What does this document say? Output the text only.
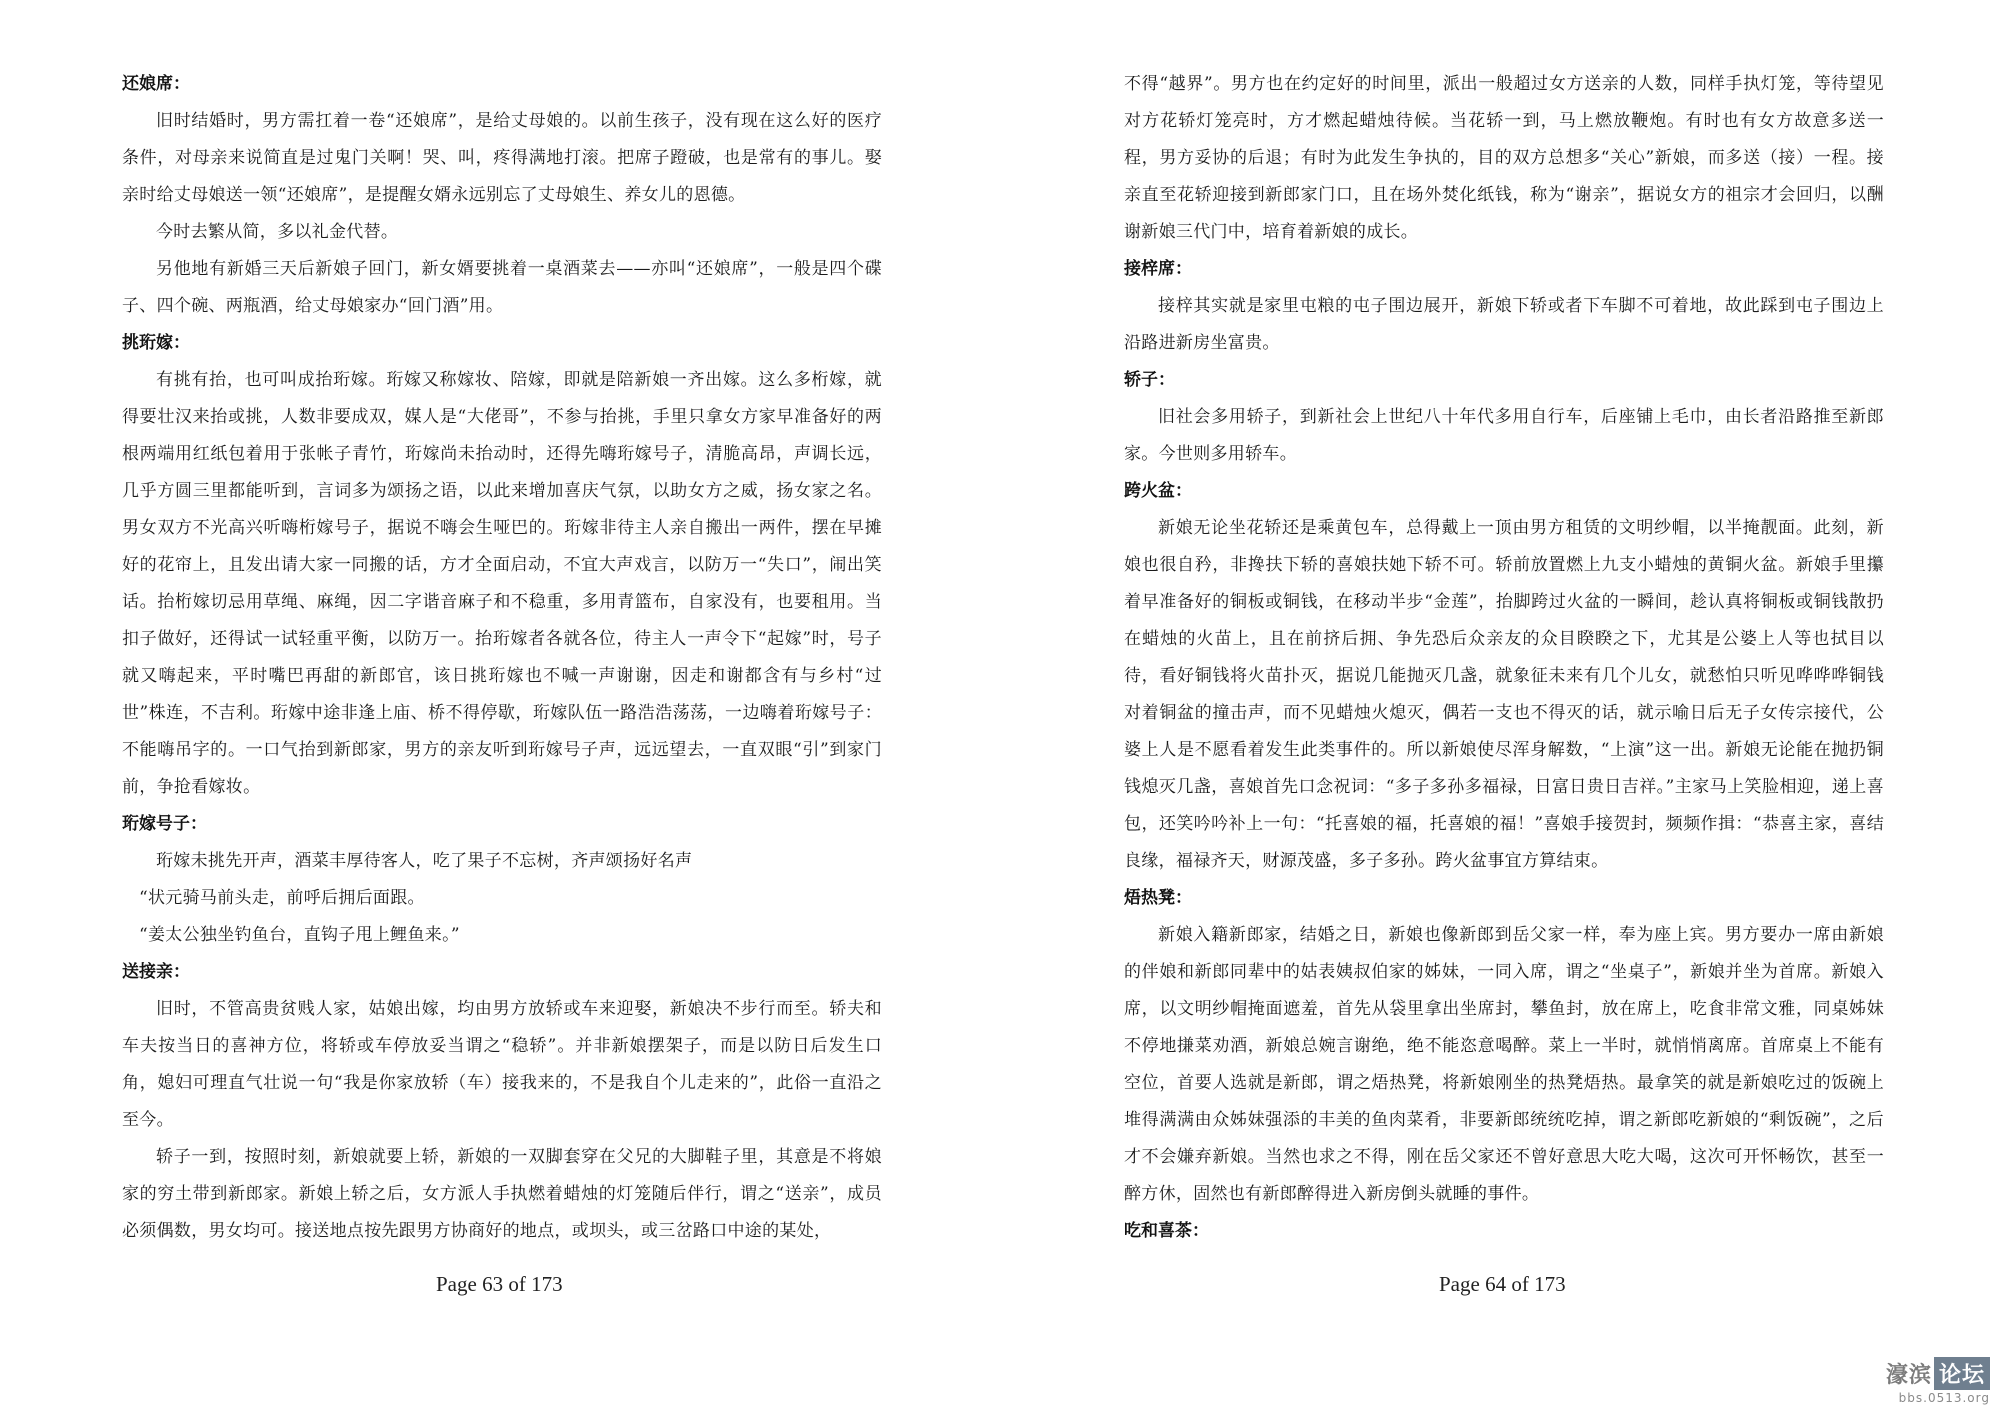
还娘席：

旧时结婚时，男方需扛着一卷“还娘席”，是给丈母娘的。以前生孩子，没有现在这么好的医疗条件，对母亲来说简直是过鬼门关啊！哭、叫，疼得满地打滚。把席子蹬破，也是常有的事儿。娶亲时给丈母娘送一领“还娘席”，是提醒女婿永远别忘了丈母娘生、养女儿的恩德。

今时去繁从简，多以礼金代替。

另他地有新婚三天后新娘子回门，新女婿要挑着一桌酒菜去——亦叫“还娘席”，一般是四个碟子、四个碗、两瓶酒，给丈母娘家办“回门酒”用。

挑珩嫁：

有挑有抬，也可叫成抬珩嫁。珩嫁又称嫁妆、陪嫁，即就是陪新娘一齐出嫁。这么多桁嫁，就得要壮汉来抬或挑，人数非要成双，媒人是“大佬哥”，不参与抬挑，手里只拿女方家早准备好的两根两端用红纸包着用于张帐子青竹，珩嫁尚未抬动时，还得先嗨珩嫁号子，清脆高昂，声调长远，几乎方圆三里都能听到，言词多为颂扬之语，以此来增加喜庆气氛，以助女方之威，扬女家之名。男女双方不光高兴听嗨桁嫁号子，据说不嗨会生哑巴的。珩嫁非待主人亲自搬出一两件，摆在早摊好的花帘上，且发出请大家一同搬的话，方才全面启动，不宜大声戏言，以防万一“失口”，闹出笑话。抬桁嫁切忌用草绳、麻绳，因二字谐音麻子和不稳重，多用青篮布，自家没有，也要租用。当扣子做好，还得试一试轻重平衡，以防万一。抬珩嫁者各就各位，待主人一声令下“起嫁”时，号子就又嗨起来，平时嘴巴再甜的新郎官，该日挑珩嫁也不喊一声谢谢，因走和谢都含有与乡村“过世”株连，不吉利。珩嫁中途非逢上庙、桥不得停歇，珩嫁队伍一路浩浩荡荡，一边嗨着珩嫁号子：不能嗨吊字的。一口气抬到新郎家，男方的亲友听到珩嫁号子声，远远望去，一直双眼“引”到家门前，争抢看嫁妆。

珩嫁号子：

珩嫁未挑先开声，酒菜丰厚待客人，吃了果子不忘树，齐声颂扬好名声

“状元骑马前头走，前呼后拥后面跟。

“姜太公独坐钓鱼台，直钩子甩上鲤鱼来。”

送接亲：

旧时，不管高贵贫贱人家，姑娘出嫁，均由男方放轿或车来迎娶，新娘决不步行而至。轿夫和车夫按当日的喜神方位，将轿或车停放妥当谓之“稳轿”。并非新娘摆架子，而是以防日后发生口角，媳妇可理直气壮说一句“我是你家放轿（车）接我来的，不是我自个儿走来的”，此俗一直沿之至今。

轿子一到，按照时刻，新娘就要上轿，新娘的一双脚套穿在父兄的大脚鞋子里，其意是不将娘家的穷土带到新郎家。新娘上轿之后，女方派人手执燃着蜡烛的灯笼随后伴行，谓之“送亲”，成员必须偶数，男女均可。接送地点按先跟男方协商好的地点，或坝头，或三岔路口中途的某处，

Page 63 of 173

不得“越界”。男方也在约定好的时间里，派出一般超过女方送亲的人数，同样手执灯笼，等待望见对方花轿灯笼亮时，方才燃起蜡烛待候。当花轿一到，马上燃放鞭炮。有时也有女方故意多送一程，男方妥协的后退；有时为此发生争执的，目的双方总想多“关心”新娘，而多送（接）一程。接亲直至花轿迎接到新郎家门口，且在场外焚化纸钱，称为“谢亲”，据说女方的祖宗才会回归，以酬谢新娘三代门中，培育着新娘的成长。

接梓席：

接梓其实就是家里屯粮的屯子围边展开，新娘下轿或者下车脚不可着地，故此踩到屯子围边上沿路进新房坐富贵。

轿子：

旧社会多用轿子，到新社会上世纪八十年代多用自行车，后座铺上毛巾，由长者沿路推至新郎家。今世则多用轿车。

跨火盆：

新娘无论坐花轿还是乘黄包车，总得戴上一顶由男方租赁的文明纱帽，以半掩靓面。此刻，新娘也很自矜，非搀扶下轿的喜娘扶她下轿不可。轿前放置燃上九支小蜡烛的黄铜火盆。新娘手里攥着早准备好的铜板或铜钱，在移动半步“金莲”，抬脚跨过火盆的一瞬间，趁认真将铜板或铜钱散扔在蜡烛的火苗上，且在前挤后拥、争先恐后众亲友的众目睽睽之下，尤其是公婆上人等也拭目以待，看好铜钱将火苗扑灭，据说几能抛灭几盏，就象征未来有几个儿女，就愁怕只听见哗哗哗铜钱对着铜盆的撞击声，而不见蜡烛火熄灭，偶若一支也不得灭的话，就示喻日后无子女传宗接代，公婆上人是不愿看着发生此类事件的。所以新娘使尽浑身解数，“上演”这一出。新娘无论能在抛扔铜钱熄灭几盏，喜娘首先口念祝词：“多子多孙多福禄，日富日贵日吉祥。”主家马上笑脸相迎，递上喜包，还笑吟吟补上一句：“托喜娘的福，托喜娘的福！”喜娘手接贺封，频频作揖：“恭喜主家，喜结良缘，福禄齐天，财源茂盛，多子多孙。跨火盆事宜方算结束。

焐热凳：

新娘入籍新郎家，结婚之日，新娘也像新郎到岳父家一样，奉为座上宾。男方要办一席由新娘的伴娘和新郎同辈中的姑表姨叔伯家的姊妹，一同入席，谓之“坐桌子”，新娘并坐为首席。新娘入席，以文明纱帽掩面遮羞，首先从袋里拿出坐席封，攀鱼封，放在席上，吃食非常文雅，同桌姊妹不停地搛菜劝酒，新娘总婉言谢绝，绝不能恣意喝醉。菜上一半时，就悄悄离席。首席桌上不能有空位，首要人选就是新郎，谓之焐热凳，将新娘刚坐的热凳焐热。最拿笑的就是新娘吃过的饭碗上堆得满满由众姊妹强添的丰美的鱼肉菜肴，非要新郎统统吃掉，谓之新郎吃新娘的“剩饭碗”，之后才不会嫌弃新娘。当然也求之不得，刚在岳父家还不曾好意思大吃大喝，这次可开怀畅饮，甚至一醉方休，固然也有新郎醉得进入新房倒头就睡的事件。

吃和喜茶：
Page 64 of 173
濠滨 论坛
bbs.0513.org
